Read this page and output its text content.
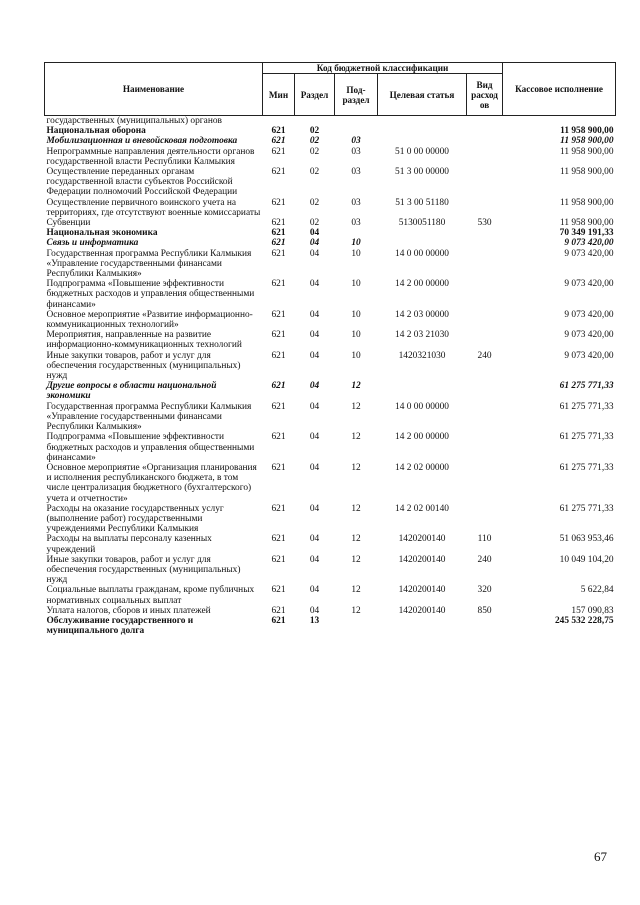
Наименование	Код бюджетной классификации					Кассовое исполнение
	Мин	Раздел	Под-раздел	Целевая статья	Вид расход ов	
государственных (муниципальных) органов						
Национальная оборона	621	02				11 958 900,00
Мобилизационная и вневойсковая подготовка	621	02	03			11 958 900,00
Непрограммные направления деятельности органов государственной власти Республики Калмыкия	621	02	03	51 0 00 00000		11 958 900,00
Осуществление переданных органам государственной власти субъектов Российской Федерации полномочий Российской Федерации	621	02	03	51 3 00 00000		11 958 900,00
Осуществление первичного воинского учета на территориях, где отсутствуют военные комиссариаты	621	02	03	51 3 00 51180		11 958 900,00
Субвенции	621	02	03	5130051180	530	11 958 900,00
Национальная экономика	621	04				70 349 191,33
Связь и информатика	621	04	10			9 073 420,00
Государственная программа Республики Калмыкия «Управление государственными финансами Республики Калмыкия»	621	04	10	14 0 00 00000		9 073 420,00
Подпрограмма «Повышение эффективности бюджетных расходов и управления общественными финансами»	621	04	10	14 2 00 00000		9 073 420,00
Основное мероприятие «Развитие информационно-коммуникационных технологий»	621	04	10	14 2 03 00000		9 073 420,00
Мероприятия, направленные на развитие информационно-коммуникационных технологий	621	04	10	14 2 03 21030		9 073 420,00
Иные закупки товаров, работ и услуг для обеспечения государственных (муниципальных) нужд	621	04	10	1420321030	240	9 073 420,00
Другие вопросы в области национальной экономики	621	04	12			61 275 771,33
Государственная программа Республики Калмыкия «Управление государственными финансами Республики Калмыкия»	621	04	12	14 0 00 00000		61 275 771,33
Подпрограмма «Повышение эффективности бюджетных расходов и управления общественными финансами»	621	04	12	14 2 00 00000		61 275 771,33
Основное мероприятие «Организация планирования и исполнения республиканского бюджета, в том числе централизация бюджетного (бухгалтерского) учета и отчетности»	621	04	12	14 2 02 00000		61 275 771,33
Расходы на оказание государственных услуг (выполнение работ) государственными учреждениями Республики Калмыкия	621	04	12	14 2 02 00140		61 275 771,33
Расходы на выплаты персоналу казенных учреждений	621	04	12	1420200140	110	51 063 953,46
Иные закупки товаров, работ и услуг для обеспечения государственных (муниципальных) нужд	621	04	12	1420200140	240	10 049 104,20
Социальные выплаты гражданам, кроме публичных нормативных социальных выплат	621	04	12	1420200140	320	5 622,84
Уплата налогов, сборов и иных платежей	621	04	12	1420200140	850	157 090,83
Обслуживание государственного и муниципального долга	621	13				245 532 228,75
67
